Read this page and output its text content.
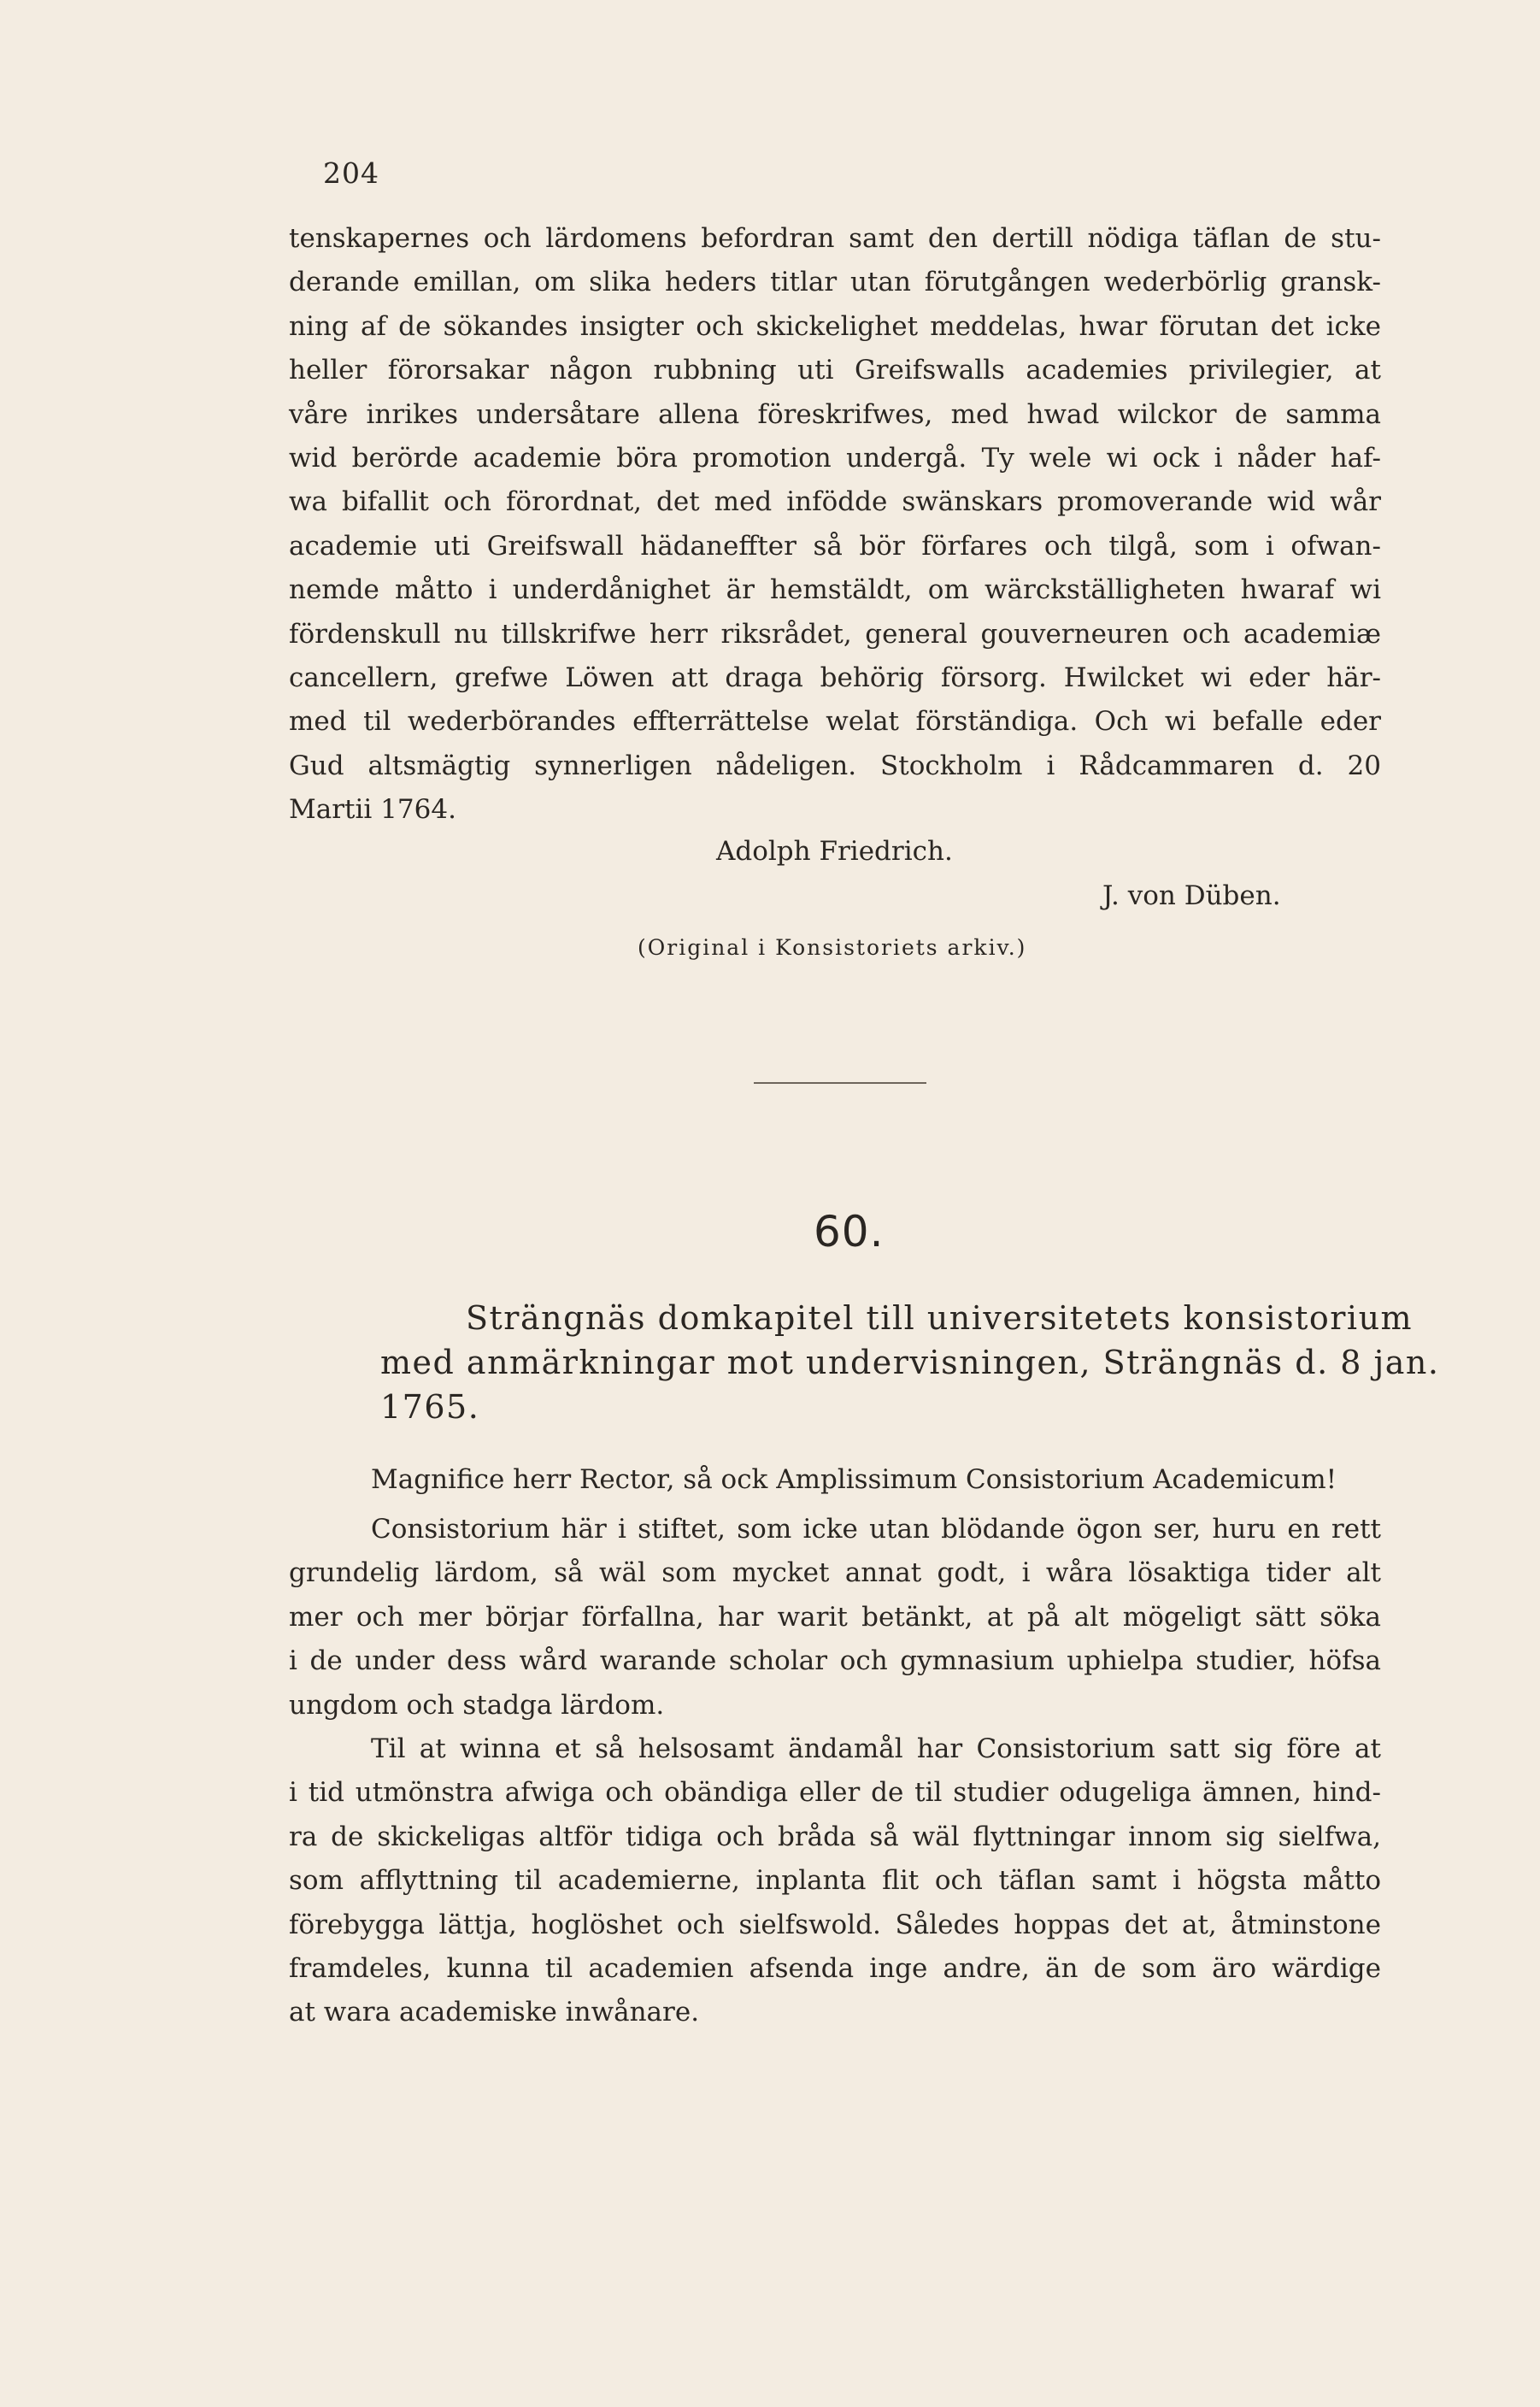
204
tenskapernes och lärdomens befordran samt den dertill nödiga täflan de stu-
derande emillan, om slika heders titlar utan förutgången wederbörlig gransk-
ning af de sökandes insigter och skickelighet meddelas, hwar förutan det icke
heller förorsakar någon rubbning uti Greifswalls academies privilegier, at
våre inrikes undersåtare allena föreskrifwes, med hwad wilckor de samma
wid berörde academie böra promotion undergå. Ty wele wi ock i nåder haf-
wa bifallit och förordnat, det med infödde swänskars promoverande wid wår
academie uti Greifswall hädaneffter så bör förfares och tilgå, som i ofwan-
nemde måtto i underdånighet är hemstäldt, om wärckställigheten hwaraf wi
fördenskull nu tillskrifwe herr riksrådet, general gouverneuren och academiæ
cancellern, grefwe Löwen att draga behörig försorg. Hwilcket wi eder här-
med til wederbörandes effterrättelse welat förständiga. Och wi befalle eder
Gud altsmägtig synnerligen nådeligen. Stockholm i Rådcammaren d. 20
Martii 1764.
Adolph Friedrich.
J. von Düben.
(Original i Konsistoriets arkiv.)
60.
Strängnäs domkapitel till universitetets konsistorium
med anmärkningar mot undervisningen, Strängnäs d. 8 jan.
1765.
Magnifice herr Rector, så ock Amplissimum Consistorium Academicum!
Consistorium här i stiftet, som icke utan blödande ögon ser, huru en rett
grundelig lärdom, så wäl som mycket annat godt, i wåra lösaktiga tider alt
mer och mer börjar förfallna, har warit betänkt, at på alt mögeligt sätt söka
i de under dess wård warande scholar och gymnasium uphielpa studier, höfsa
ungdom och stadga lärdom.
Til at winna et så helsosamt ändamål har Consistorium satt sig före at
i tid utmönstra afwiga och obändiga eller de til studier odugeliga ämnen, hind-
ra de skickeligas altför tidiga och bråda så wäl flyttningar innom sig sielfwa,
som afflyttning til academierne, inplanta flit och täflan samt i högsta måtto
förebygga lättja, hoglöshet och sielfswold. Således hoppas det at, åtminstone
framdeles, kunna til academien afsenda inge andre, än de som äro wärdige
at wara academiske inwånare.
